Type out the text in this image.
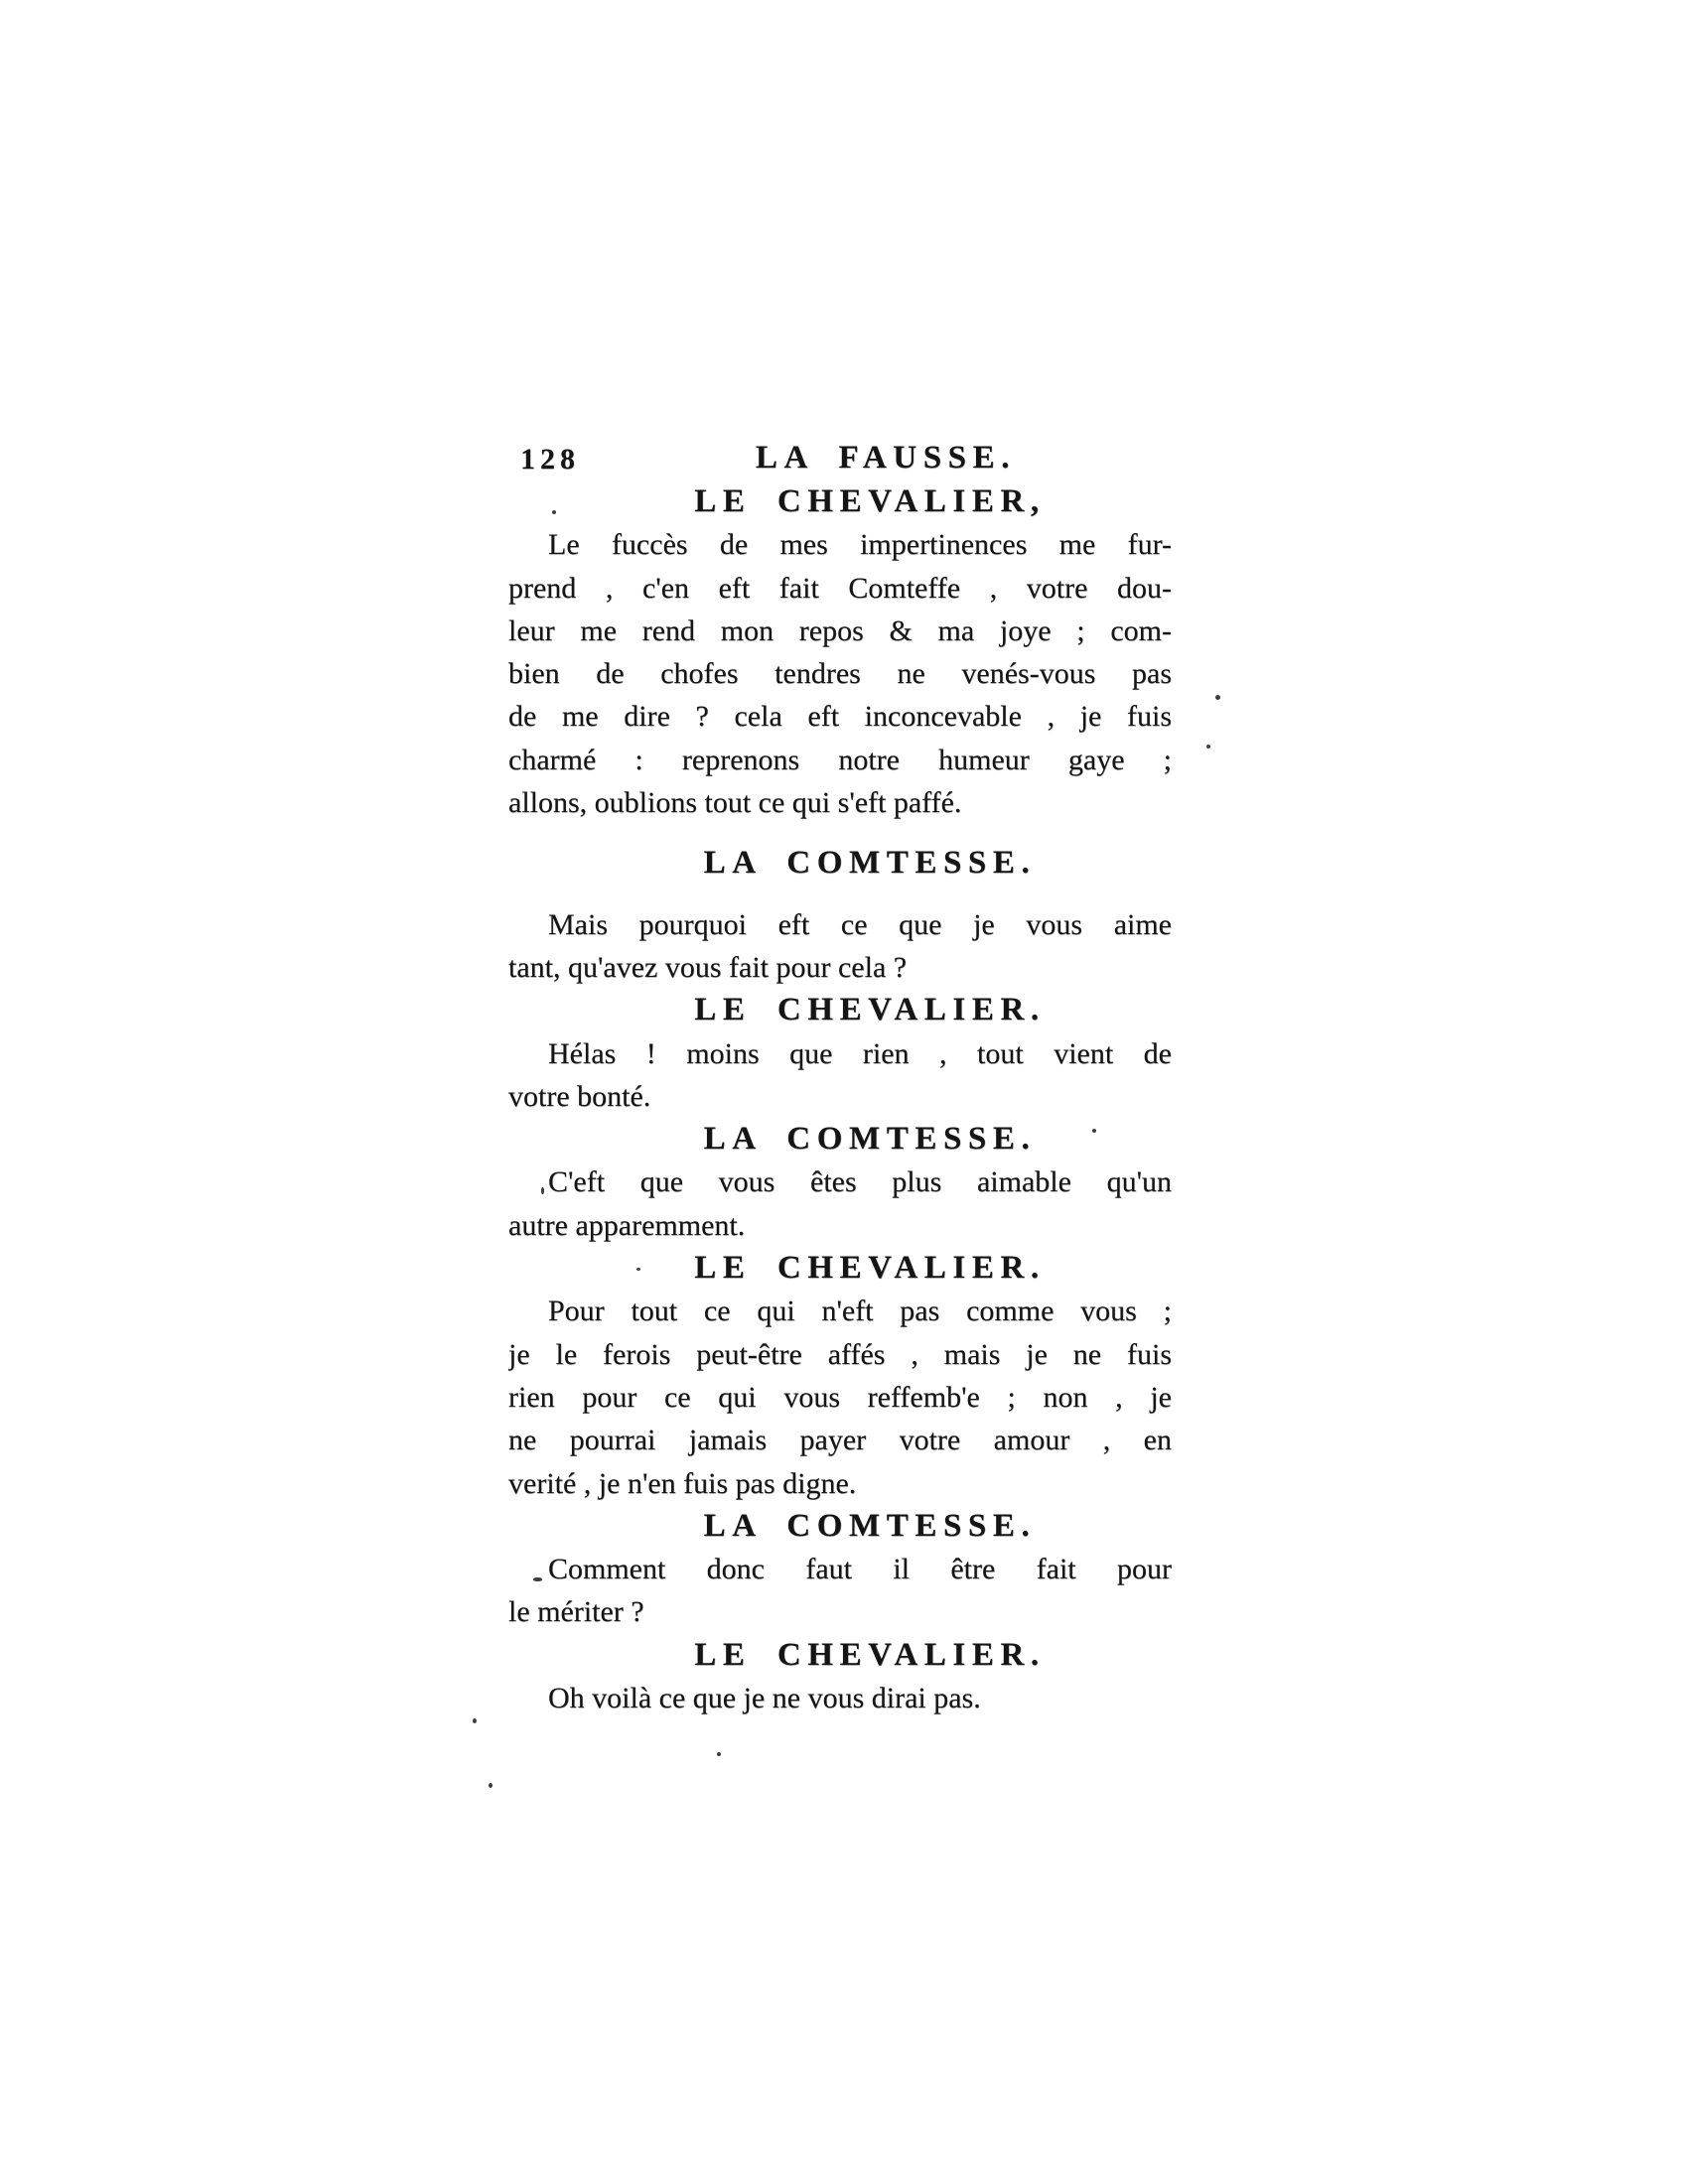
128	LA FAUSSE.
LE CHEVALIER,
Le fuccès de mes impertinences me fur-
prend , c'en eft fait Comteffe , votre dou-
leur me rend mon repos & ma joye ; com-
bien de chofes tendres ne venés-vous pas
de me dire ? cela eft inconcevable , je fuis
charmé : reprenons notre humeur gaye ;
allons, oublions tout ce qui s'eft paffé.
LA COMTESSE.
Mais pourquoi eft ce que je vous aime
tant, qu'avez vous fait pour cela ?
LE CHEVALIER.
Hélas ! moins que rien , tout vient de
votre bonté.
LA COMTESSE.
C'eft que vous êtes plus aimable qu'un
autre apparemment.
LE CHEVALIER.
Pour tout ce qui n'eft pas comme vous ;
je le ferois peut-être affés , mais je ne fuis
rien pour ce qui vous reffemb'e ; non , je
ne pourrai jamais payer votre amour , en
verité , je n'en fuis pas digne.
LA COMTESSE.
Comment donc faut il être fait pour
le mériter ?
LE CHEVALIER.
Oh voilà ce que je ne vous dirai pas.
